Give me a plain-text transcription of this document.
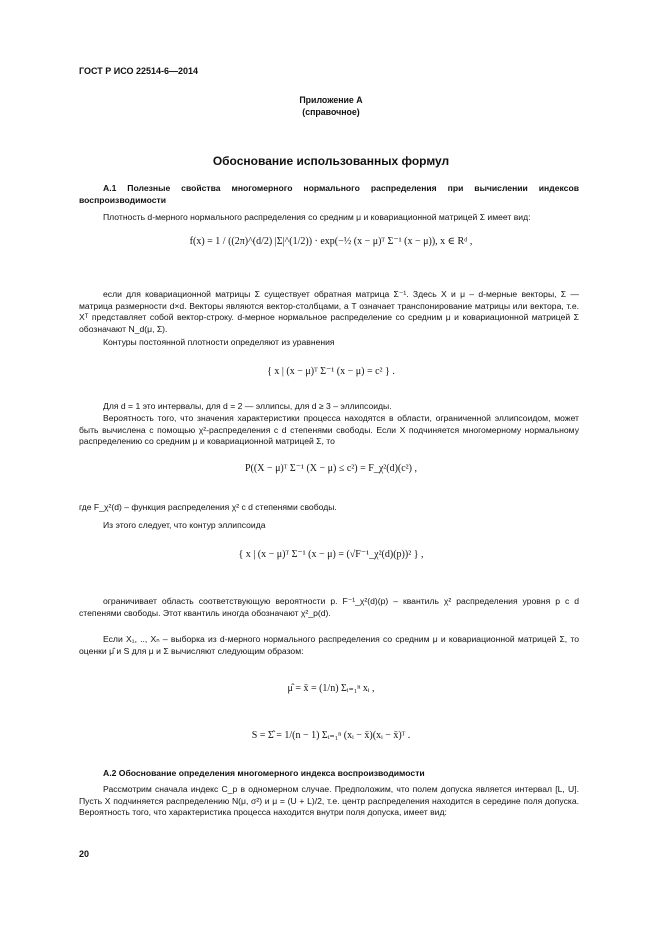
ГОСТ Р ИСО 22514-6—2014
Приложение А
(справочное)
Обоснование использованных формул
А.1 Полезные свойства многомерного нормального распределения при вычислении индексов воспроизводимости
Плотность d-мерного нормального распределения со средним μ и ковариационной матрицей Σ имеет вид:
f(x) = 1 / ((2π)^(d/2) |Σ|^(1/2)) · exp(−½ (x − μ)ᵀ Σ⁻¹ (x − μ)), x ∈ Rᵈ ,
если для ковариационной матрицы Σ существует обратная матрица Σ⁻¹. Здесь X и μ – d-мерные векторы, Σ — матрица размерности d×d. Векторы являются вектор-столбцами, а T означает транспонирование матрицы или вектора, т.е. Xᵀ представляет собой вектор-строку. d-мерное нормальное распределение со средним μ и ковариационной матрицей Σ обозначают N_d(μ, Σ).
Контуры постоянной плотности определяют из уравнения
{ x | (x − μ)ᵀ Σ⁻¹ (x − μ) = c² } .
Для d = 1 это интервалы, для d = 2 — эллипсы, для d ≥ 3 – эллипсоиды.
Вероятность того, что значения характеристики процесса находятся в области, ограниченной эллипсоидом, может быть вычислена с помощью χ²-распределения с d степенями свободы. Если X подчиняется многомерному нормальному распределению со средним μ и ковариационной матрицей Σ, то
P((X − μ)ᵀ Σ⁻¹ (X − μ) ≤ c²) = F_χ²(d)(c²) ,
где F_χ²(d) – функция распределения χ² с d степенями свободы.
Из этого следует, что контур эллипсоида
{ x | (x − μ)ᵀ Σ⁻¹ (x − μ) = (√F⁻¹_χ²(d)(p))² } ,
ограничивает область соответствующую вероятности p. F⁻¹_χ²(d)(p) – квантиль χ² распределения уровня p с d степенями свободы. Этот квантиль иногда обозначают χ²_p(d).
Если X₁, .., Xₙ – выборка из d-мерного нормального распределения со средним μ и ковариационной матрицей Σ, то оценки μ̂ и S для μ и Σ вычисляют следующим образом:
μ̂ = x̄ = (1/n) Σᵢ₌₁ⁿ xᵢ ,
S = Σ̂ = 1/(n − 1) Σᵢ₌₁ⁿ (xᵢ − x̄)(xᵢ − x̄)ᵀ .
А.2 Обоснование определения многомерного индекса воспроизводимости
Рассмотрим сначала индекс C_p в одномерном случае. Предположим, что полем допуска является интервал [L, U]. Пусть X подчиняется распределению N(μ, σ²) и μ = (U + L)/2, т.е. центр распределения находится в середине поля допуска. Вероятность того, что характеристика процесса находится внутри поля допуска, имеет вид:
20
